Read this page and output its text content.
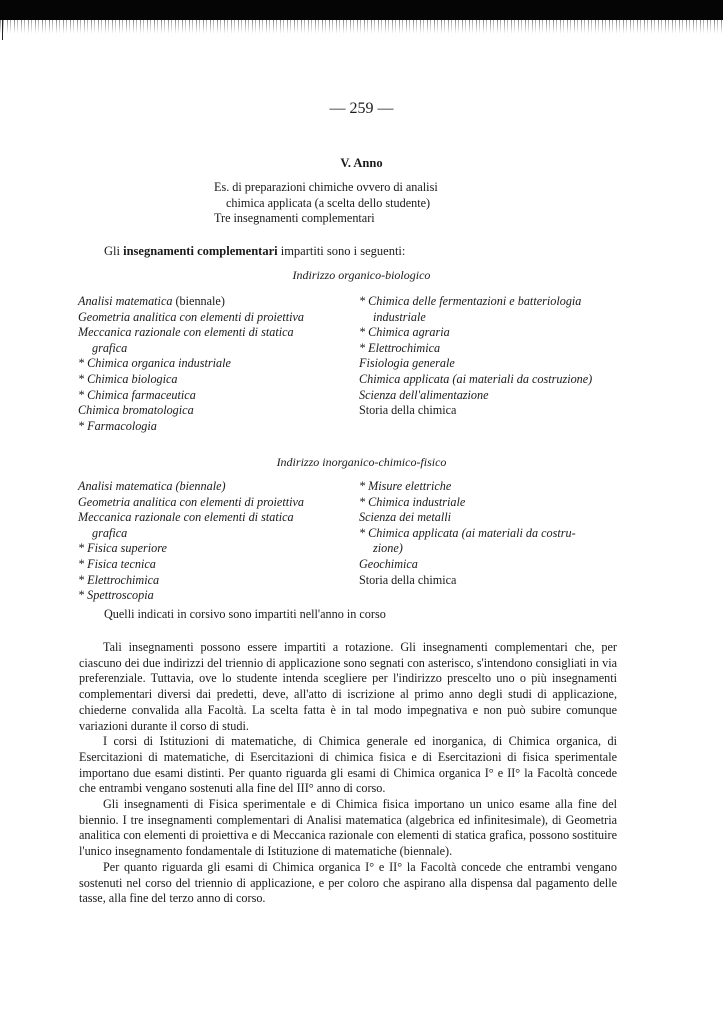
— 259 —
V. Anno
Es. di preparazioni chimiche ovvero di analisi
chimica applicata (a scelta dello studente)
Tre insegnamenti complementari
Gli insegnamenti complementari impartiti sono i seguenti:
Indirizzo organico-biologico
Analisi matematica (biennale)
Geometria analitica con elementi di proiettiva
Meccanica razionale con elementi di statica
grafica
* Chimica organica industriale
* Chimica biologica
* Chimica farmaceutica
Chimica bromatologica
* Farmacologia
* Chimica delle fermentazioni e batteriologia
industriale
* Chimica agraria
* Elettrochimica
Fisiologia generale
Chimica applicata (ai materiali da costruzione)
Scienza dell'alimentazione
Storia della chimica
Indirizzo inorganico-chimico-fisico
Analisi matematica (biennale)
Geometria analitica con elementi di proiettiva
Meccanica razionale con elementi di statica
grafica
* Fisica superiore
* Fisica tecnica
* Elettrochimica
* Spettroscopia
* Misure elettriche
* Chimica industriale
Scienza dei metalli
* Chimica applicata (ai materiali da costru-
zione)
Geochimica
Storia della chimica
Quelli indicati in corsivo sono impartiti nell'anno in corso

Tali insegnamenti possono essere impartiti a rotazione. Gli insegnamenti complementari che, per ciascuno dei due indirizzi del triennio di applicazione sono segnati con asterisco, s'intendono consigliati in via preferenziale. Tuttavia, ove lo studente intenda scegliere per l'indirizzo prescelto uno o più insegnamenti complementari diversi dai predetti, deve, all'atto di iscrizione al primo anno degli studi di applicazione, chiederne convalida alla Facoltà. La scelta fatta è in tal modo impegnativa e non può subire comunque variazioni durante il corso di studi.

I corsi di Istituzioni di matematiche, di Chimica generale ed inorganica, di Chimica organica, di Esercitazioni di matematiche, di Esercitazioni di chimica fisica e di Esercitazioni di fisica sperimentale importano due esami distinti. Per quanto riguarda gli esami di Chimica organica I° e II° la Facoltà concede che entrambi vengano sostenuti alla fine del III° anno di corso.

Gli insegnamenti di Fisica sperimentale e di Chimica fisica importano un unico esame alla fine del biennio. I tre insegnamenti complementari di Analisi matematica (algebrica ed infinitesimale), di Geometria analitica con elementi di proiettiva e di Meccanica razionale con elementi di statica grafica, possono sostituire l'unico insegnamento fondamentale di Istituzione di matematiche (biennale).

Per quanto riguarda gli esami di Chimica organica I° e II° la Facoltà concede che entrambi vengano sostenuti nel corso del triennio di applicazione, e per coloro che aspirano alla dispensa dal pagamento delle tasse, alla fine del terzo anno di corso.
